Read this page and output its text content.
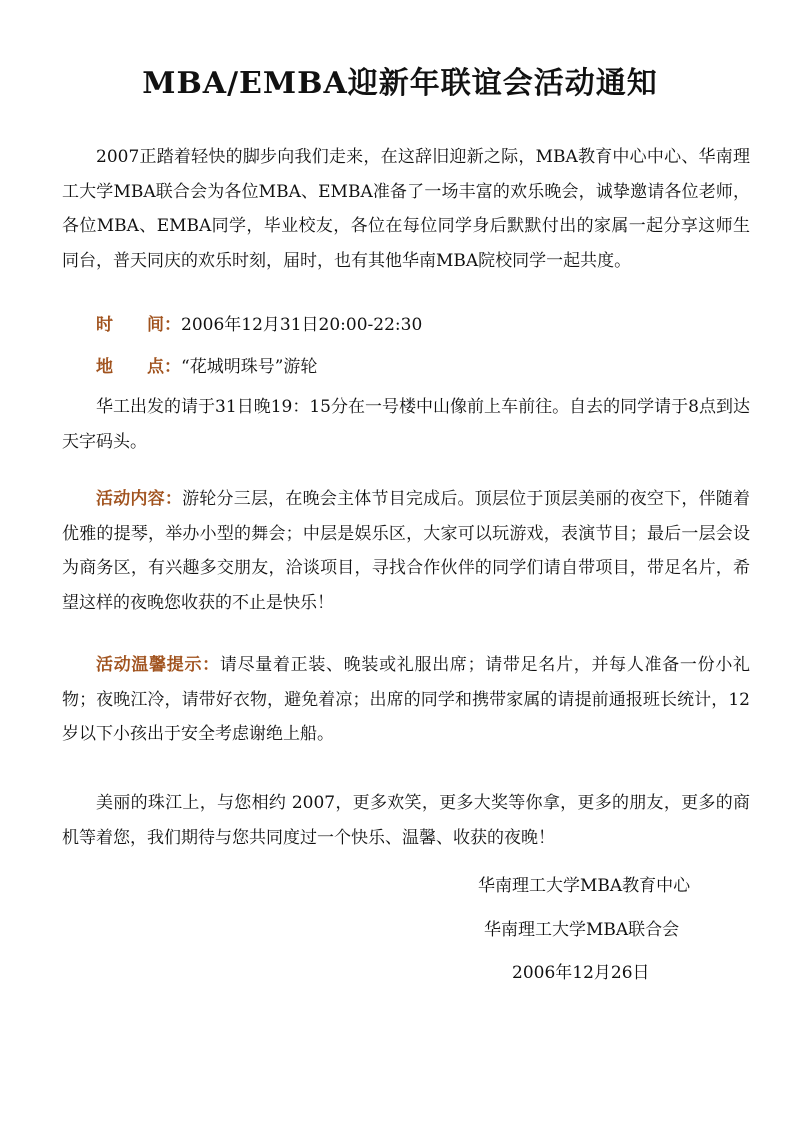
MBA/EMBA迎新年联谊会活动通知
2007正踏着轻快的脚步向我们走来，在这辞旧迎新之际，MBA教育中心中心、华南理工大学MBA联合会为各位MBA、EMBA准备了一场丰富的欢乐晚会，诚挚邀请各位老师，各位MBA、EMBA同学，毕业校友，各位在每位同学身后默默付出的家属一起分享这师生同台，普天同庆的欢乐时刻，届时，也有其他华南MBA院校同学一起共度。
时　　间：2006年12月31日20:00-22:30
地　　点：“花城明珠号”游轮
华工出发的请于31日晚19：15分在一号楼中山像前上车前往。自去的同学请于8点到达天字码头。
活动内容：游轮分三层，在晚会主体节目完成后。顶层位于顶层美丽的夜空下，伴随着优雅的提琴，举办小型的舞会；中层是娱乐区，大家可以玩游戏，表演节目；最后一层会设为商务区，有兴趣多交朋友，洽谈项目，寻找合作伙伴的同学们请自带项目，带足名片，希望这样的夜晚您收获的不止是快乐！
活动温馨提示：请尽量着正装、晚装或礼服出席；请带足名片，并每人准备一份小礼物；夜晚江冷，请带好衣物，避免着凉；出席的同学和携带家属的请提前通报班长统计，12岁以下小孩出于安全考虑谢绝上船。
美丽的珠江上，与您相约 2007，更多欢笑，更多大奖等你拿，更多的朋友，更多的商机等着您，我们期待与您共同度过一个快乐、温馨、收获的夜晚！
华南理工大学MBA教育中心
华南理工大学MBA联合会
2006年12月26日
